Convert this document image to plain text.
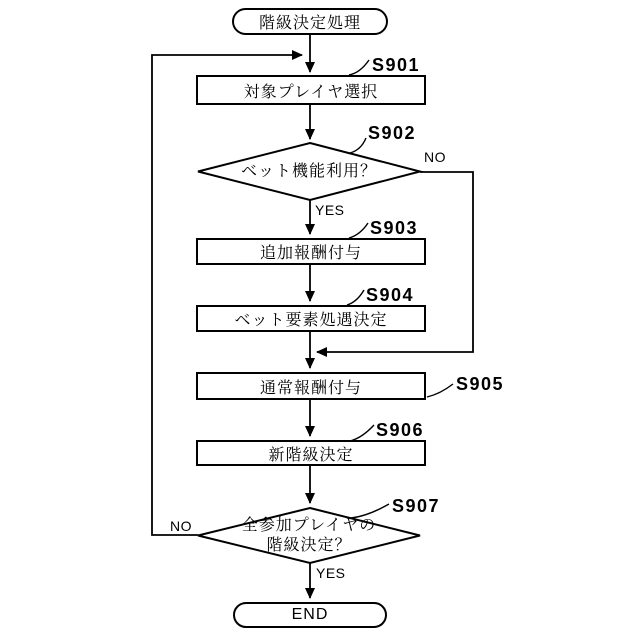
階級決定処理
対象プレイヤ選択
S901
ベット機能利用？
S902
NO
YES
追加報酬付与
S903
ベット要素処遇決定
S904
通常報酬付与	S905
新階級決定
S906
全参加プレイヤの
階級決定？
S907
NO
YES
END
